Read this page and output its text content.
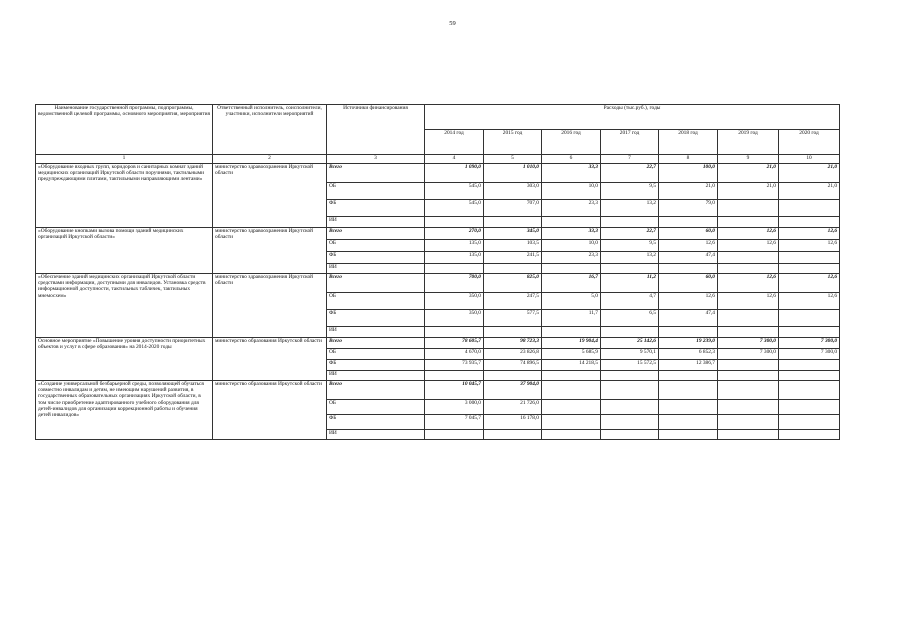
59
Наименование государственной программы, подпрограммы, ведомственной целевой программы, основного мероприятия, мероприятия	Ответственный исполнитель, соисполнители, участники, исполнители мероприятий	Источники финансирования	Расходы (тыс.руб.), годы						
			2014 год	2015 год	2016 год	2017 год	2018 год	2019 год	2020 год
1	2	3	4	5	6	7	8	9	10
«Оборудование входных групп, коридоров и санитарных комнат зданий медицинских организаций Иркутской области поручнями, тактильными предупреждающими плитами, тактильными направляющими лентами»	министерство здравоохранения Иркутской области	Всего	1 090,0	1 010,0	33,3	22,7	100,0	21,0	21,0
		ОБ	545,0	303,0	10,0	9,5	21,0	21,0	21,0
		ФБ	545,0	707,0	23,3	13,2	79,0		
		ИИ							
«Оборудование кнопками вызова помощи зданий медицинских организаций Иркутской области»	министерство здравоохранения Иркутской области	Всего	270,0	345,0	33,3	22,7	60,0	12,6	12,6
		ОБ	135,0	103,5	10,0	9,5	12,6	12,6	12,6
		ФБ	135,0	241,5	23,3	13,2	47,4		
		ИИ							
«Обеспечение зданий медицинских организаций Иркутской области средствами информации, доступными для инвалидов. Установка средств информационной доступности, тактильных табличек, тактильных мнемосхем»	министерство здравоохранения Иркутской области	Всего	700,0	825,0	16,7	11,2	60,0	12,6	12,6
		ОБ	350,0	247,5	5,0	4,7	12,6	12,6	12,6
		ФБ	350,0	577,5	11,7	6,5	47,4		
		ИИ							
Основное мероприятие «Повышение уровня доступности приоритетных объектов и услуг в сфере образования» на 2014-2020 годы	министерство образования Иркутской области	Всего	78 605,7	98 723,3	19 904,4	25 142,6	19 239,0	7 300,0	7 300,0
		ОБ	4 670,0	23 826,8	5 685,9	9 570,1	6 852,3	7 300,0	7 300,0
		ФБ	73 935,7	74 896,5	14 218,5	15 572,5	12 386,7		
		ИИ							
«Создание универсальной безбарьерной среды, позволяющей обучаться совместно инвалидам и детям, не имеющим нарушений развития, в государственных образовательных организациях Иркутской области, в том числе приобретение адаптированного учебного оборудования для детей-инвалидов для организации коррекционной работы и обучения детей инвалидов»	министерство образования Иркутской области	Всего	10 045,7	37 904,0					
		ОБ	3 000,0	21 726,0					
		ФБ	7 045,7	16 178,0					
		ИИ							
